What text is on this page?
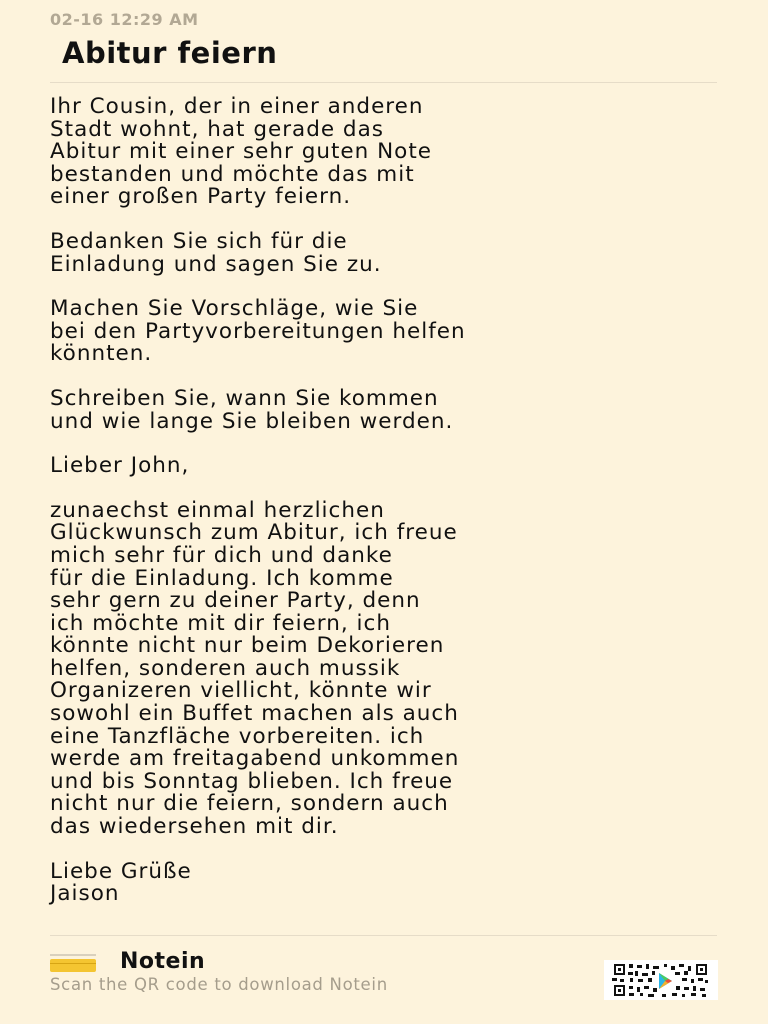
02-16 12:29 AM
Abitur feiern

Ihr Cousin, der in einer anderen
Stadt wohnt, hat gerade das
Abitur mit einer sehr guten Note
bestanden und möchte das mit
einer großen Party feiern.

Bedanken Sie sich für die
Einladung und sagen Sie zu.

Machen Sie Vorschläge, wie Sie
bei den Partyvorbereitungen helfen
könnten.

Schreiben Sie, wann Sie kommen
und wie lange Sie bleiben werden.

Lieber John,

zunaechst einmal herzlichen
Glückwunsch zum Abitur, ich freue
mich sehr für dich und danke
für die Einladung. Ich komme
sehr gern zu deiner Party, denn
ich möchte mit dir feiern, ich
könnte nicht nur beim Dekorieren
helfen, sonderen auch mussik
Organizeren viellicht, könnte wir
sowohl ein Buffet machen als auch
eine Tanzfläche vorbereiten. ich
werde am freitagabend unkommen
und bis Sonntag blieben. Ich freue
nicht nur die feiern, sondern auch
das wiedersehen mit dir.

Liebe Grüße
Jaison

Notein
Scan the QR code to download Notein
